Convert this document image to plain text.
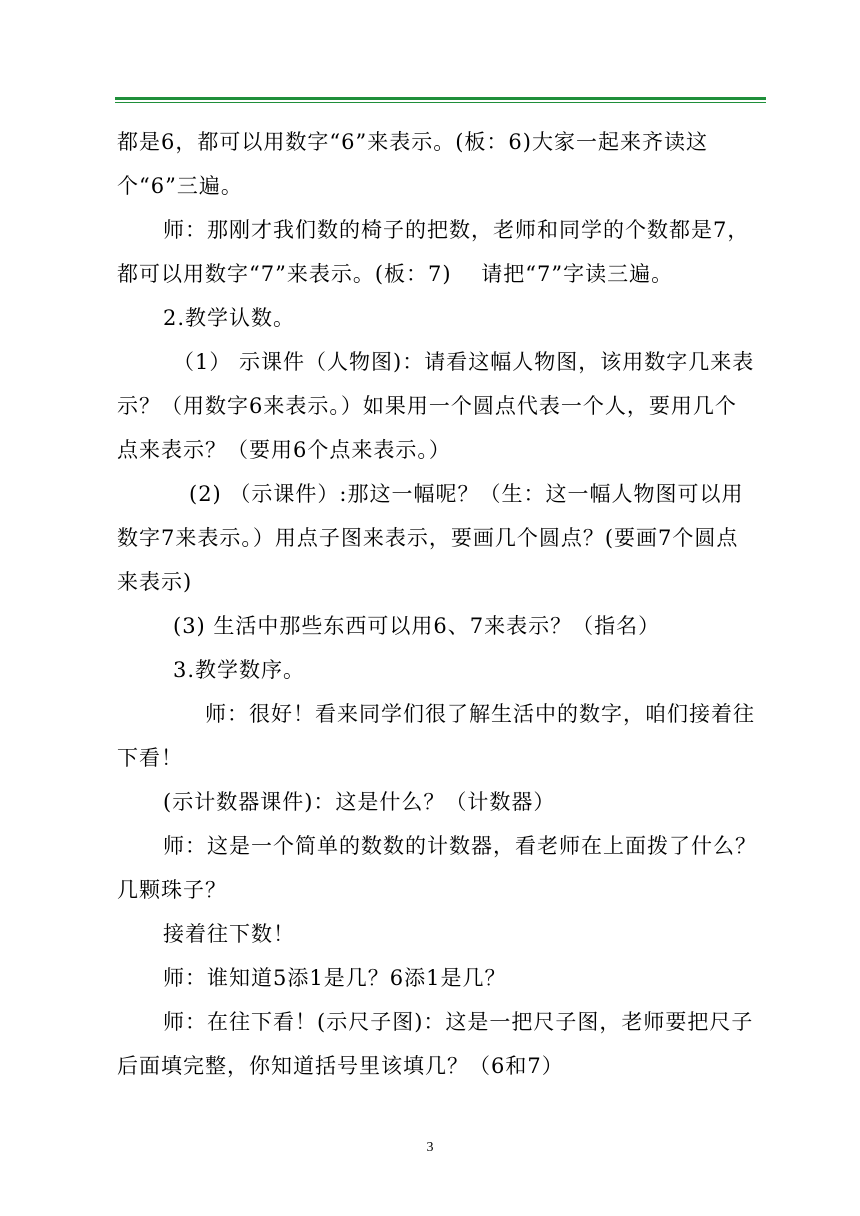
都是6，都可以用数字“6”来表示。(板：6)大家一起来齐读这个“6”三遍。

师：那刚才我们数的椅子的把数，老师和同学的个数都是7，都可以用数字“7”来表示。(板：7)　 请把“7”字读三遍。

2.教学认数。

（1） 示课件（人物图)：请看这幅人物图，该用数字几来表示？（用数字6来表示。）如果用一个圆点代表一个人，要用几个点来表示？（要用6个点来表示。）

(2) （示课件）:那这一幅呢？（生：这一幅人物图可以用数字7来表示。）用点子图来表示，要画几个圆点？(要画7个圆点来表示)

(3) 生活中那些东西可以用6、7来表示？（指名）

3.教学数序。

师：很好！看来同学们很了解生活中的数字，咱们接着往下看！

(示计数器课件)：这是什么？（计数器）

师：这是一个简单的数数的计数器，看老师在上面拨了什么？几颗珠子？

接着往下数！

师：谁知道5添1是几？6添1是几？

师：在往下看！(示尺子图)：这是一把尺子图，老师要把尺子后面填完整，你知道括号里该填几？（6和7）

3
